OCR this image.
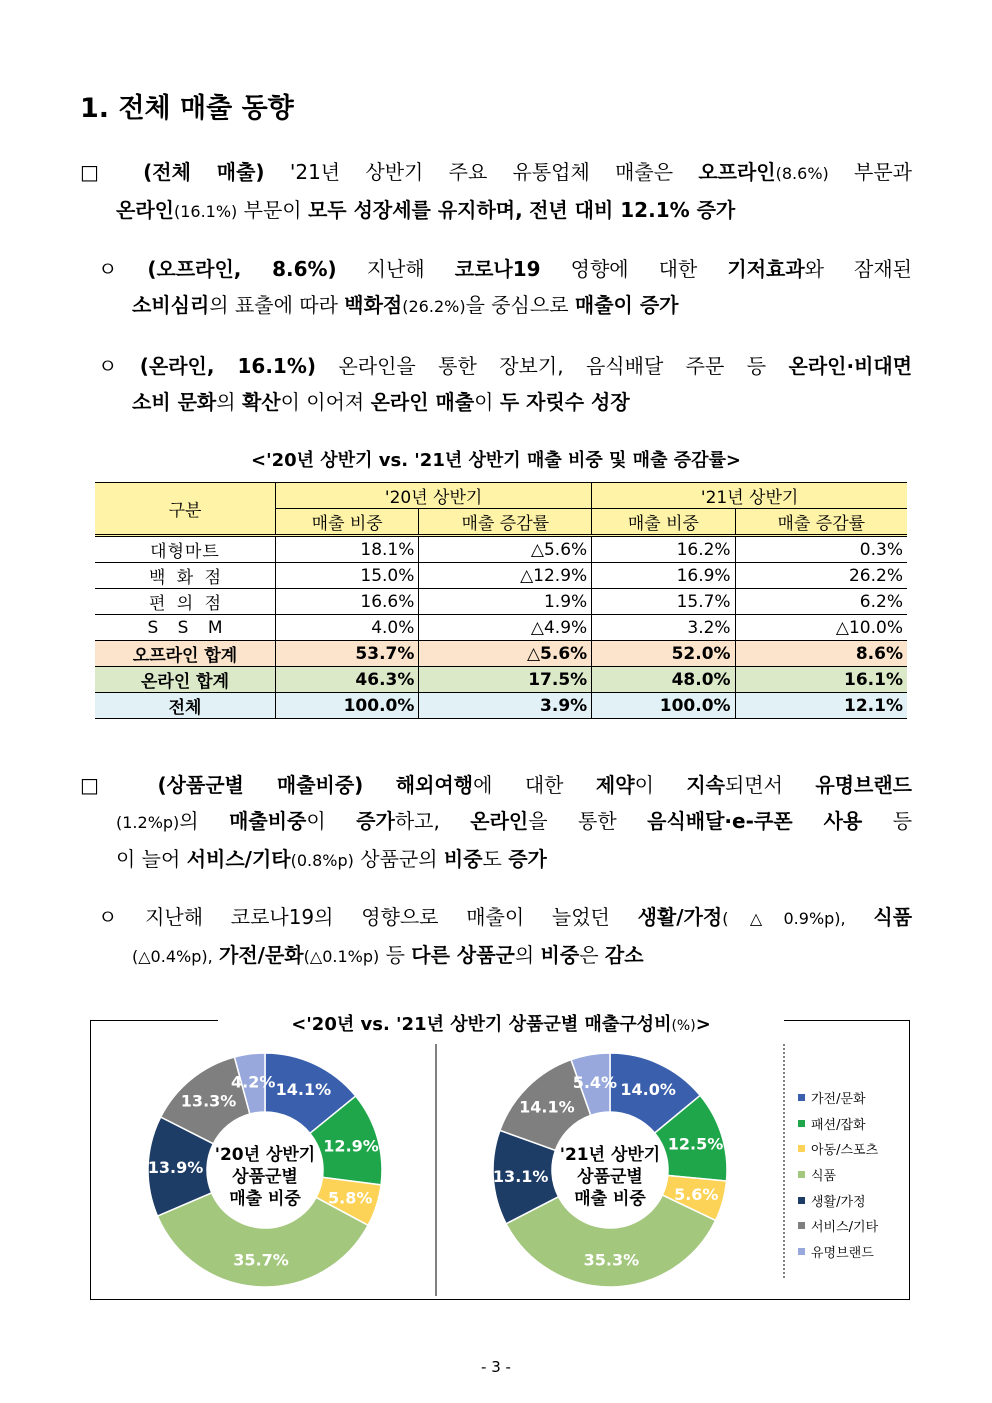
1. 전체 매출 동향
□ (전체 매출) '21년 상반기 주요 유통업체 매출은 오프라인(8.6%) 부문과
온라인(16.1%) 부문이 모두 성장세를 유지하며, 전년 대비 12.1% 증가
ㅇ (오프라인, 8.6%) 지난해 코로나19 영향에 대한 기저효과와 잠재된
소비심리의 표출에 따라 백화점(26.2%)을 중심으로 매출이 증가
ㅇ (온라인, 16.1%) 온라인을 통한 장보기, 음식배달 주문 등 온라인·비대면
소비 문화의 확산이 이어져 온라인 매출이 두 자릿수 성장
<'20년 상반기 vs. '21년 상반기 매출 비중 및 매출 증감률>
구분	'20년 상반기		'21년 상반기	
	매출 비중	매출 증감률	매출 비중	매출 증감률
대형마트	18.1%	△5.6%	16.2%	0.3%
백 화 점	15.0%	△12.9%	16.9%	26.2%
편 의 점	16.6%	1.9%	15.7%	6.2%
S S M	4.0%	△4.9%	3.2%	△10.0%
오프라인 합계	53.7%	△5.6%	52.0%	8.6%
온라인 합계	46.3%	17.5%	48.0%	16.1%
전체	100.0%	3.9%	100.0%	12.1%
□ (상품군별 매출비중) 해외여행에 대한 제약이 지속되면서 유명브랜드
(1.2%p)의 매출비중이 증가하고, 온라인을 통한 음식배달·e-쿠폰 사용 등
이 늘어 서비스/기타(0.8%p) 상품군의 비중도 증가
ㅇ 지난해 코로나19의 영향으로 매출이 늘었던 생활/가정(△0.9%p), 식품
(△0.4%p), 가전/문화(△0.1%p) 등 다른 상품군의 비중은 감소
<'20년 vs. '21년 상반기 상품군별 매출구성비(%)>
14.1%
12.9%
5.8%
35.7%
13.9%
13.3%
4.2%
'20년 상반기
상품군별
매출 비중
14.0%
12.5%
5.6%
35.3%
13.1%
14.1%
5.4%
'21년 상반기
상품군별
매출 비중
가전/문화
패션/잡화
아동/스포츠
식품
생활/가정
서비스/기타
유명브랜드
- 3 -
